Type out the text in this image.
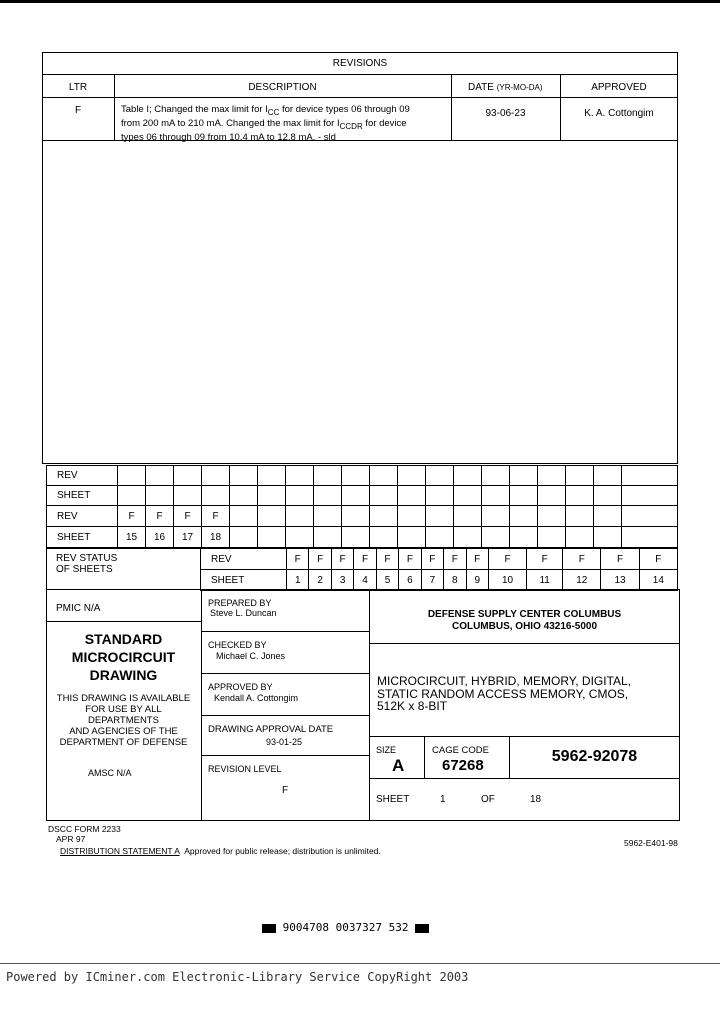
REVISIONS
LTR	DESCRIPTION	DATE (YR-MO-DA)	APPROVED
F	Table I; Changed the max limit for $I_{CC}$ for device types 06 through 09
from 200 mA to 210 mA. Changed the max limit for $I_{CCDR}$ for device
types 06 through 09 from 10.4 mA to 12.8 mA. - sld
93-06-23	K. A. Cottongim
REV																			
SHEET																			
REV	F	F	F	F															
SHEET	15	16	17	18															
REV STATUS
OF SHEETS
REV	F	F	F	F	F	F	F	F	F	F	F	F	F	F
SHEET	1	2	3	4	5	6	7	8	9	10	11	12	13	14
PMIC N/A
STANDARD
MICROCIRCUIT
DRAWING
THIS DRAWING IS AVAILABLE
FOR USE BY ALL
DEPARTMENTS
AND AGENCIES OF THE
DEPARTMENT OF DEFENSE
AMSC N/A
PREPARED BY
Steve L. Duncan
CHECKED BY
Michael C. Jones
APPROVED BY
Kendall A. Cottongim
DRAWING APPROVAL DATE
93-01-25
REVISION LEVEL
F
DEFENSE SUPPLY CENTER COLUMBUS
COLUMBUS, OHIO 43216-5000
MICROCIRCUIT, HYBRID, MEMORY, DIGITAL,
STATIC RANDOM ACCESS MEMORY, CMOS,
512K x 8-BIT
SIZE
A
CAGE CODE
67268
5962-92078
SHEET	1	OF	18
DSCC FORM 2233
APR 97	5962-E401-98
DISTRIBUTION STATEMENT A Approved for public release; distribution is unlimited.
9004708 0037327 532
Powered by ICminer.com Electronic-Library Service CopyRight 2003
